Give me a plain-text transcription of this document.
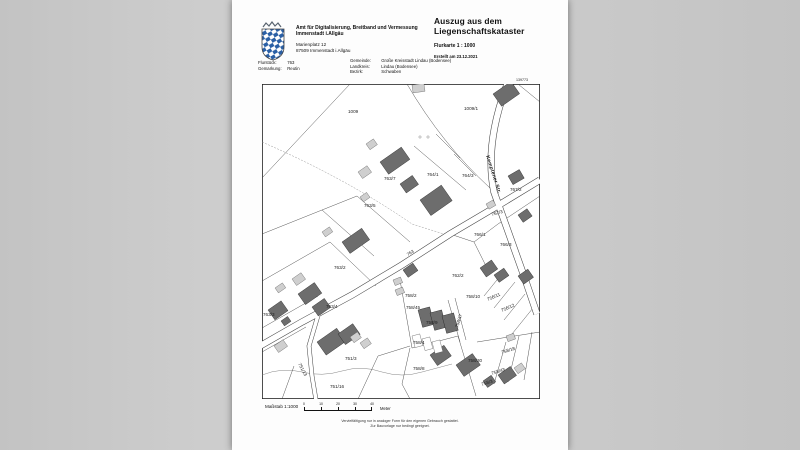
Amt für Digitalisierung, Breitband und Vermessung
Immenstadt i.Allgäu
Marienplatz 12
87509 Immenstadt i.Allgäu
Auszug aus dem
Liegenschaftskataster
Flurkarte 1 : 1000
Erstellt am 23.12.2021
Flurstück: 763
Gemarkung: Reutin
Gemeinde: Große Kreisstadt Lindau (Bodensee)
Landkreis:	Lindau (Bodensee)
Bezirk:	Schwaben
139773
1009
1009/1
763/7
764/1	764/3
767/2
763/5
767/3
766/1
766/3
763/2
762/2
763/4
763/3
758/2
758/45
758/10
758/9	758/47
756/11
756/12
758/4
758/8
758/30
758/18
758/43
758/3
751/3
751/13
751/16
763
Kemptener Str.
Maßstab 1:1000 0	10	20	30	40
Meter
Vervielfältigung nur in analoger Form für den eigenen Gebrauch gestattet.
Zur Bauvorlage nur bedingt geeignet.
